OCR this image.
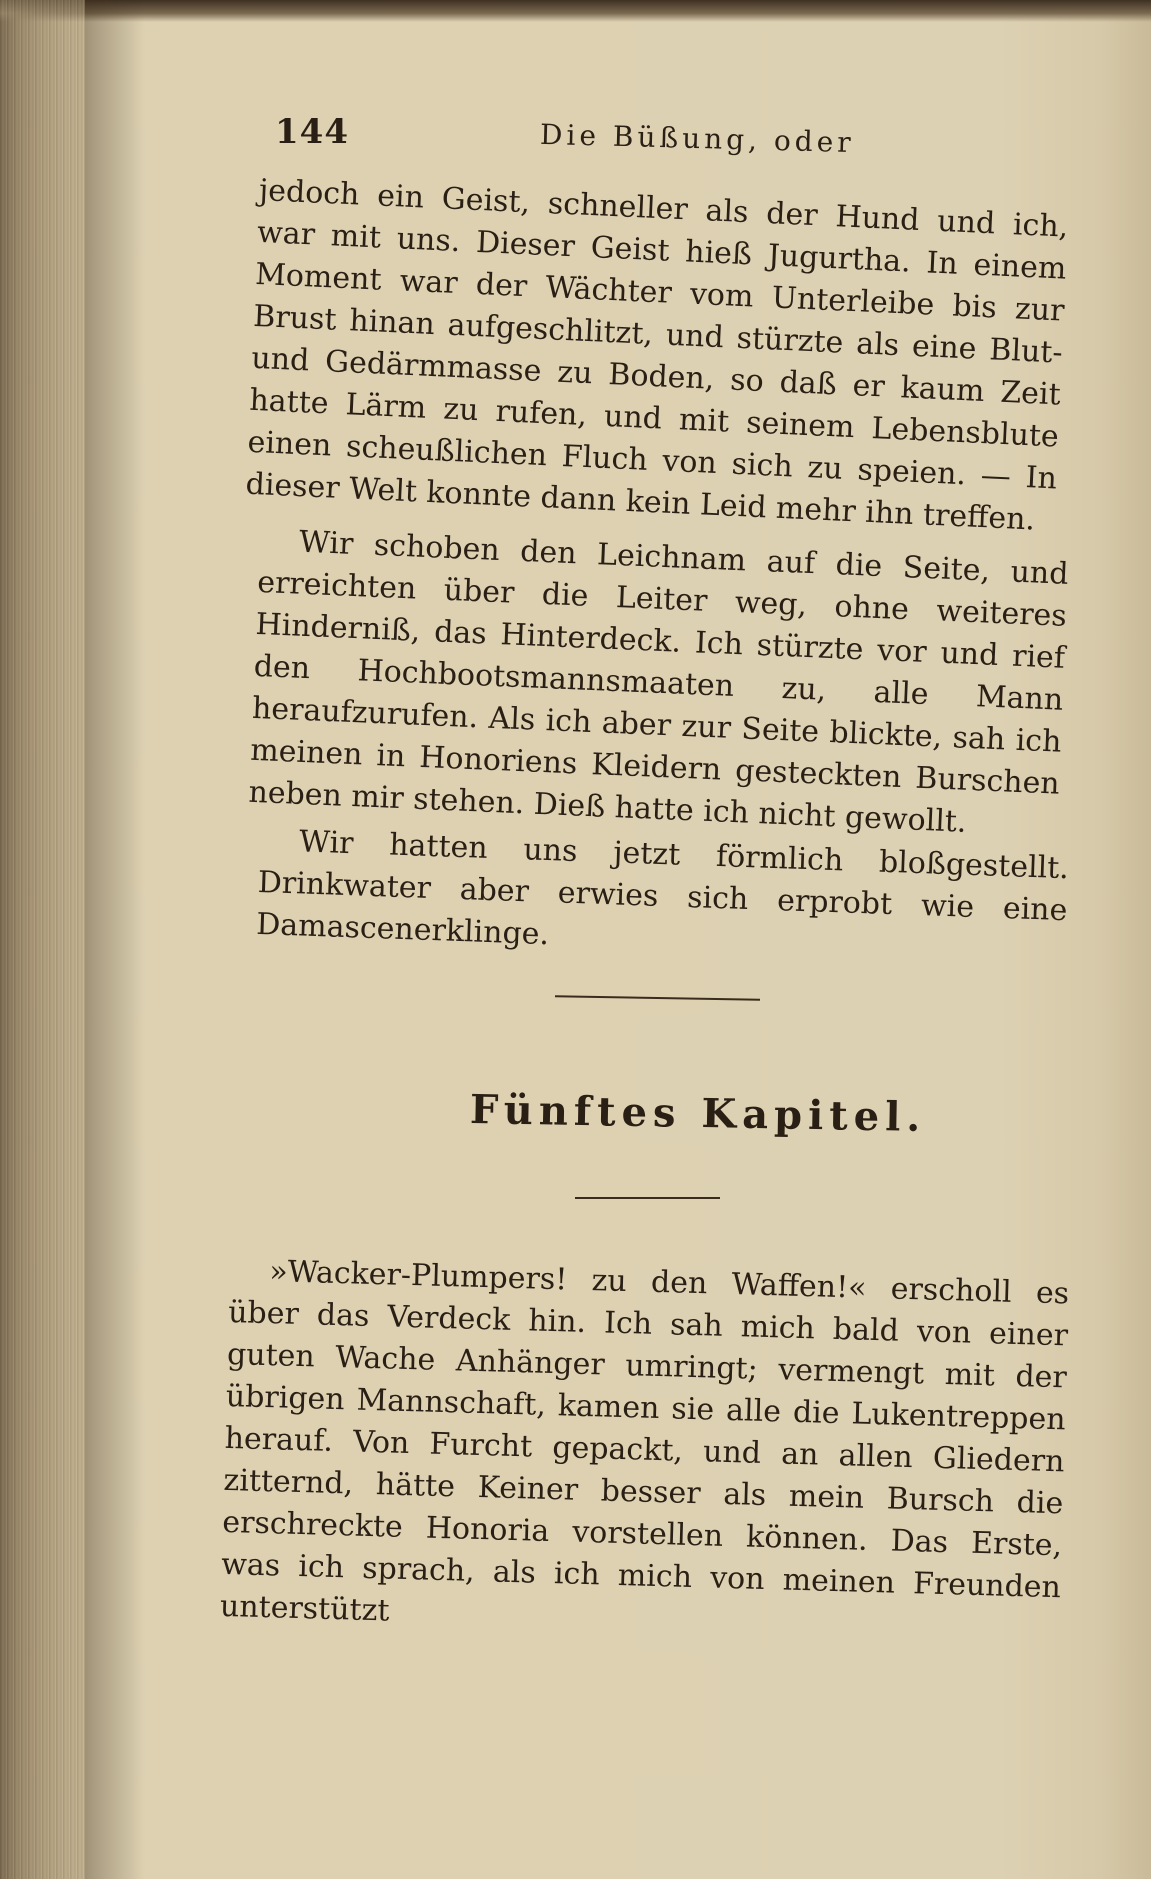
144	Die Büßung, oder

jedoch ein Geist, schneller als der Hund und ich, war mit uns. Dieser Geist hieß Jugurtha. In einem Moment war der Wächter vom Unterleibe bis zur Brust hinan aufgeschlitzt, und stürzte als eine Blut- und Gedärmmasse zu Boden, so daß er kaum Zeit hatte Lärm zu rufen, und mit seinem Lebensblute einen scheußlichen Fluch von sich zu speien. — In dieser Welt konnte dann kein Leid mehr ihn treffen.

Wir schoben den Leichnam auf die Seite, und erreichten über die Leiter weg, ohne weiteres Hinderniß, das Hinterdeck. Ich stürzte vor und rief den Hochbootsmannsmaaten zu, alle Mann heraufzurufen. Als ich aber zur Seite blickte, sah ich meinen in Honoriens Kleidern gesteckten Burschen neben mir stehen. Dieß hatte ich nicht gewollt.

Wir hatten uns jetzt förmlich bloßgestellt. Drinkwater aber erwies sich erprobt wie eine Damascenerklinge.

Fünftes Kapitel.

»Wacker-Plumpers! zu den Waffen!« erscholl es über das Verdeck hin. Ich sah mich bald von einer guten Wache Anhänger umringt; vermengt mit der übrigen Mannschaft, kamen sie alle die Lukentreppen herauf. Von Furcht gepackt, und an allen Gliedern zitternd, hätte Keiner besser als mein Bursch die erschreckte Honoria vorstellen können. Das Erste, was ich sprach, als ich mich von meinen Freunden unterstützt
